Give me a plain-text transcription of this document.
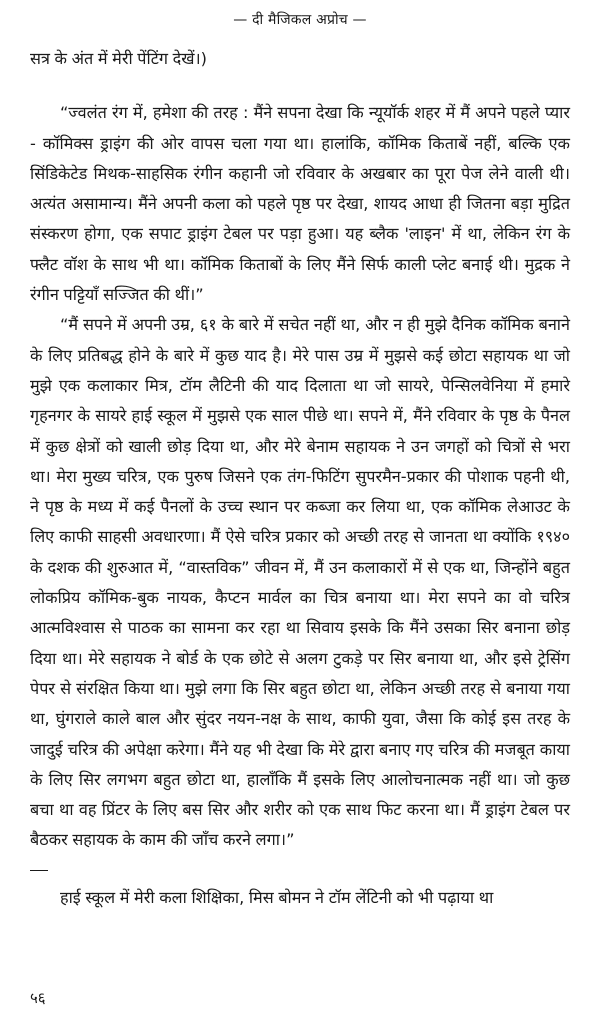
— दी मैजिकल अप्रोच —

सत्र के अंत में मेरी पेंटिंग देखें।)

“ज्वलंत रंग में, हमेशा की तरह : मैंने सपना देखा कि न्यूयॉर्क शहर में मैं अपने पहले प्यार - कॉमिक्स ड्राइंग की ओर वापस चला गया था। हालांकि, कॉमिक किताबें नहीं, बल्कि एक सिंडिकेटेड मिथक-साहसिक रंगीन कहानी जो रविवार के अखबार का पूरा पेज लेने वाली थी। अत्यंत असामान्य। मैंने अपनी कला को पहले पृष्ठ पर देखा, शायद आधा ही जितना बड़ा मुद्रित संस्करण होगा, एक सपाट ड्राइंग टेबल पर पड़ा हुआ। यह ब्लैक 'लाइन' में था, लेकिन रंग के फ्लैट वॉश के साथ भी था। कॉमिक किताबों के लिए मैंने सिर्फ काली प्लेट बनाई थी। मुद्रक ने रंगीन पट्टियाँ सज्जित की थीं।”

“मैं सपने में अपनी उम्र, ६१ के बारे में सचेत नहीं था, और न ही मुझे दैनिक कॉमिक बनाने के लिए प्रतिबद्ध होने के बारे में कुछ याद है। मेरे पास उम्र में मुझसे कई छोटा सहायक था जो मुझे एक कलाकार मित्र, टॉम लैटिनी की याद दिलाता था जो सायरे, पेन्सिलवेनिया में हमारे गृहनगर के सायरे हाई स्कूल में मुझसे एक साल पीछे था। सपने में, मैंने रविवार के पृष्ठ के पैनल में कुछ क्षेत्रों को खाली छोड़ दिया था, और मेरे बेनाम सहायक ने उन जगहों को चित्रों से भरा था। मेरा मुख्य चरित्र, एक पुरुष जिसने एक तंग-फिटिंग सुपरमैन-प्रकार की पोशाक पहनी थी, ने पृष्ठ के मध्य में कई पैनलों के उच्च स्थान पर कब्जा कर लिया था, एक कॉमिक लेआउट के लिए काफी साहसी अवधारणा। मैं ऐसे चरित्र प्रकार को अच्छी तरह से जानता था क्योंकि १९४० के दशक की शुरुआत में, “वास्तविक” जीवन में, मैं उन कलाकारों में से एक था, जिन्होंने बहुत लोकप्रिय कॉमिक-बुक नायक, कैप्टन मार्वल का चित्र बनाया था। मेरा सपने का वो चरित्र आत्मविश्वास से पाठक का सामना कर रहा था सिवाय इसके कि मैंने उसका सिर बनाना छोड़ दिया था। मेरे सहायक ने बोर्ड के एक छोटे से अलग टुकड़े पर सिर बनाया था, और इसे ट्रेसिंग पेपर से संरक्षित किया था। मुझे लगा कि सिर बहुत छोटा था, लेकिन अच्छी तरह से बनाया गया था, घुंगराले काले बाल और सुंदर नयन-नक्ष के साथ, काफी युवा, जैसा कि कोई इस तरह के जादुई चरित्र की अपेक्षा करेगा। मैंने यह भी देखा कि मेरे द्वारा बनाए गए चरित्र की मजबूत काया के लिए सिर लगभग बहुत छोटा था, हालाँकि मैं इसके लिए आलोचनात्मक नहीं था। जो कुछ बचा था वह प्रिंटर के लिए बस सिर और शरीर को एक साथ फिट करना था। मैं ड्राइंग टेबल पर बैठकर सहायक के काम की जाँच करने लगा।”

हाई स्कूल में मेरी कला शिक्षिका, मिस बोमन ने टॉम लेंटिनी को भी पढ़ाया था

५६
